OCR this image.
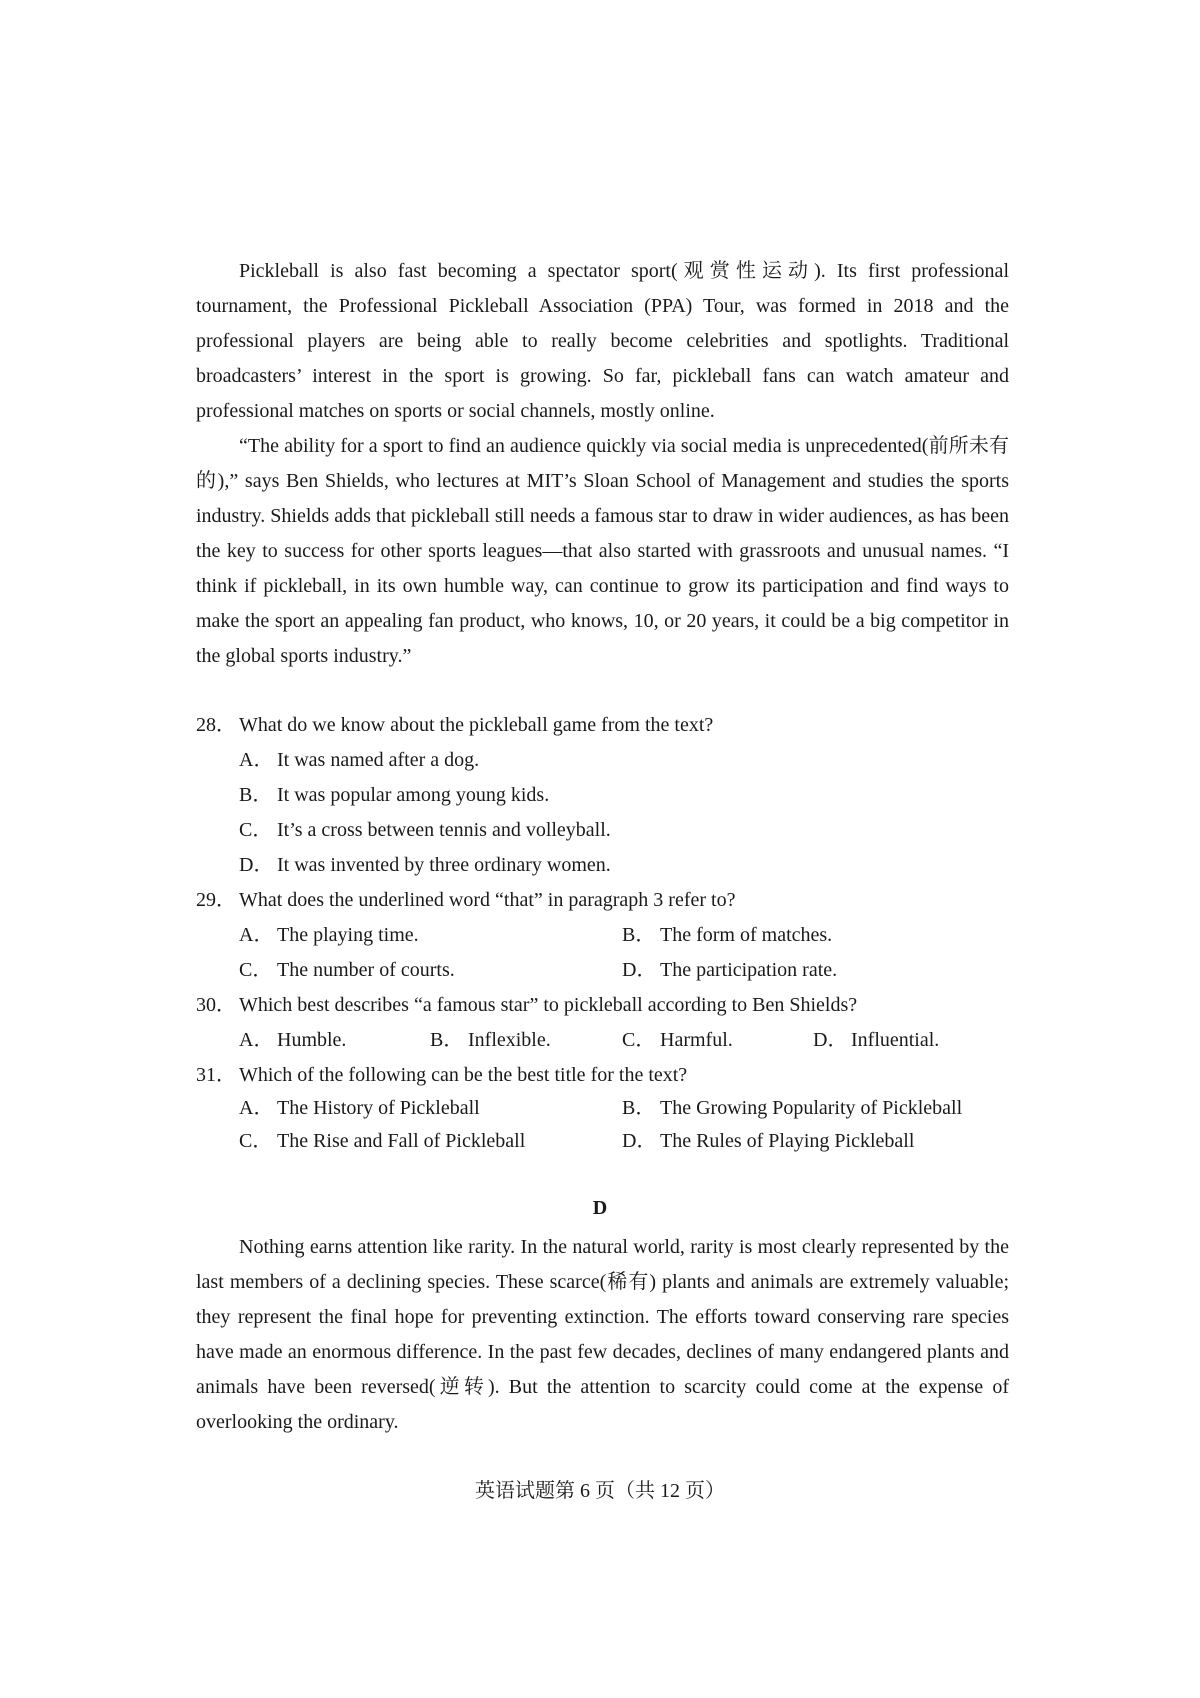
Pickleball is also fast becoming a spectator sport(观赏性运动). Its first professional tournament, the Professional Pickleball Association (PPA) Tour, was formed in 2018 and the professional players are being able to really become celebrities and spotlights. Traditional broadcasters’ interest in the sport is growing. So far, pickleball fans can watch amateur and professional matches on sports or social channels, mostly online.

“The ability for a sport to find an audience quickly via social media is unprecedented(前所未有的),” says Ben Shields, who lectures at MIT’s Sloan School of Management and studies the sports industry. Shields adds that pickleball still needs a famous star to draw in wider audiences, as has been the key to success for other sports leagues—that also started with grassroots and unusual names. “I think if pickleball, in its own humble way, can continue to grow its participation and find ways to make the sport an appealing fan product, who knows, 10, or 20 years, it could be a big competitor in the global sports industry.”

28． What do we know about the pickleball game from the text?
A． It was named after a dog.
B． It was popular among young kids.
C． It’s a cross between tennis and volleyball.
D． It was invented by three ordinary women.
29． What does the underlined word “that” in paragraph 3 refer to?
A． The playing time.	B． The form of matches.
C． The number of courts.	D． The participation rate.
30． Which best describes “a famous star” to pickleball according to Ben Shields?
A． Humble.	B． Inflexible.	C． Harmful.	D． Influential.
31． Which of the following can be the best title for the text?
A． The History of Pickleball	B． The Growing Popularity of Pickleball
C． The Rise and Fall of Pickleball	D． The Rules of Playing Pickleball
D

Nothing earns attention like rarity. In the natural world, rarity is most clearly represented by the last members of a declining species. These scarce(稀有) plants and animals are extremely valuable; they represent the final hope for preventing extinction. The efforts toward conserving rare species have made an enormous difference. In the past few decades, declines of many endangered plants and animals have been reversed(逆转). But the attention to scarcity could come at the expense of overlooking the ordinary.

英语试题第 6 页（共 12 页）
